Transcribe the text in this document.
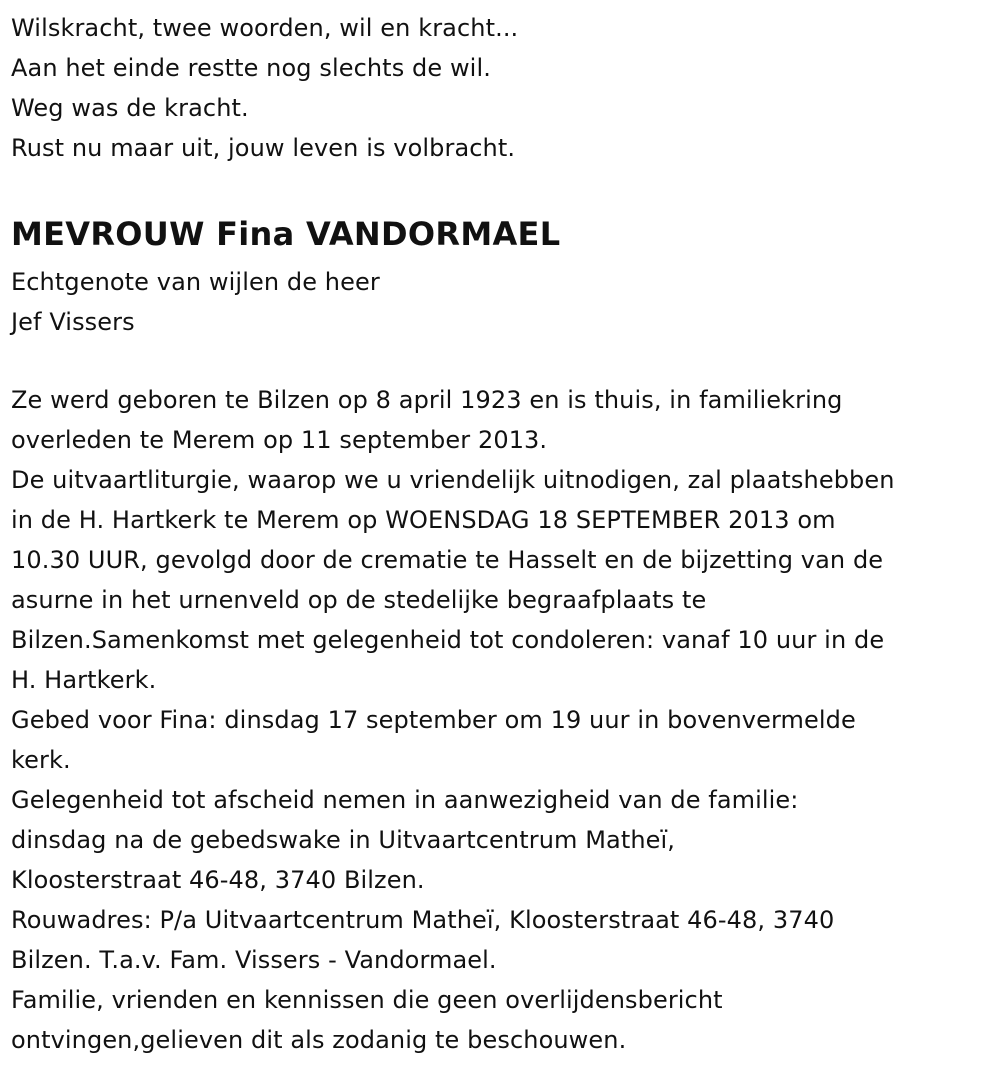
Wilskracht, twee woorden, wil en kracht...
Aan het einde restte nog slechts de wil.
Weg was de kracht.
Rust nu maar uit, jouw leven is volbracht.
MEVROUW Fina VANDORMAEL
Echtgenote van wijlen de heer
Jef Vissers
Ze werd geboren te Bilzen op 8 april 1923 en is thuis, in familiekring
overleden te Merem op 11 september 2013.
De uitvaartliturgie, waarop we u vriendelijk uitnodigen, zal plaatshebben
in de H. Hartkerk te Merem op WOENSDAG 18 SEPTEMBER 2013 om
10.30 UUR, gevolgd door de crematie te Hasselt en de bijzetting van de
asurne in het urnenveld op de stedelijke begraafplaats te
Bilzen.Samenkomst met gelegenheid tot condoleren: vanaf 10 uur in de
H. Hartkerk.
Gebed voor Fina: dinsdag 17 september om 19 uur in bovenvermelde
kerk.
Gelegenheid tot afscheid nemen in aanwezigheid van de familie:
dinsdag na de gebedswake in Uitvaartcentrum Matheï,
Kloosterstraat 46-48, 3740 Bilzen.
Rouwadres: P/a Uitvaartcentrum Matheï, Kloosterstraat 46-48, 3740
Bilzen. T.a.v. Fam. Vissers - Vandormael.
Familie, vrienden en kennissen die geen overlijdensbericht
ontvingen,gelieven dit als zodanig te beschouwen.
